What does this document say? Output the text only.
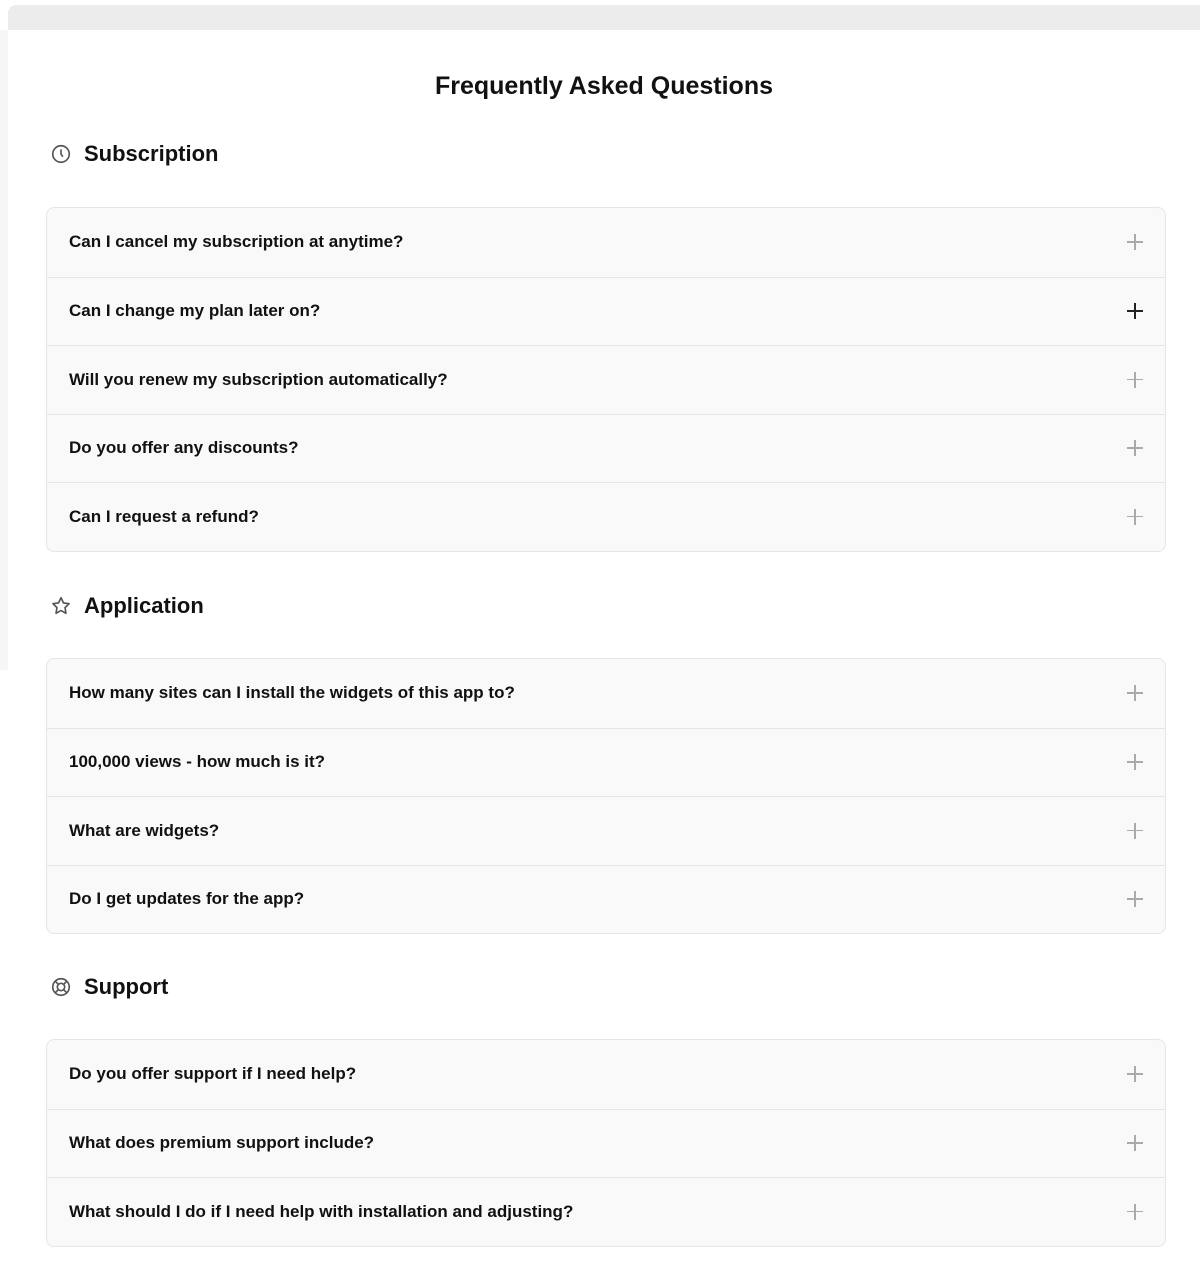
Frequently Asked Questions
Subscription
Can I cancel my subscription at anytime?
Can I change my plan later on?
Will you renew my subscription automatically?
Do you offer any discounts?
Can I request a refund?
Application
How many sites can I install the widgets of this app to?
100,000 views - how much is it?
What are widgets?
Do I get updates for the app?
Support
Do you offer support if I need help?
What does premium support include?
What should I do if I need help with installation and adjusting?
